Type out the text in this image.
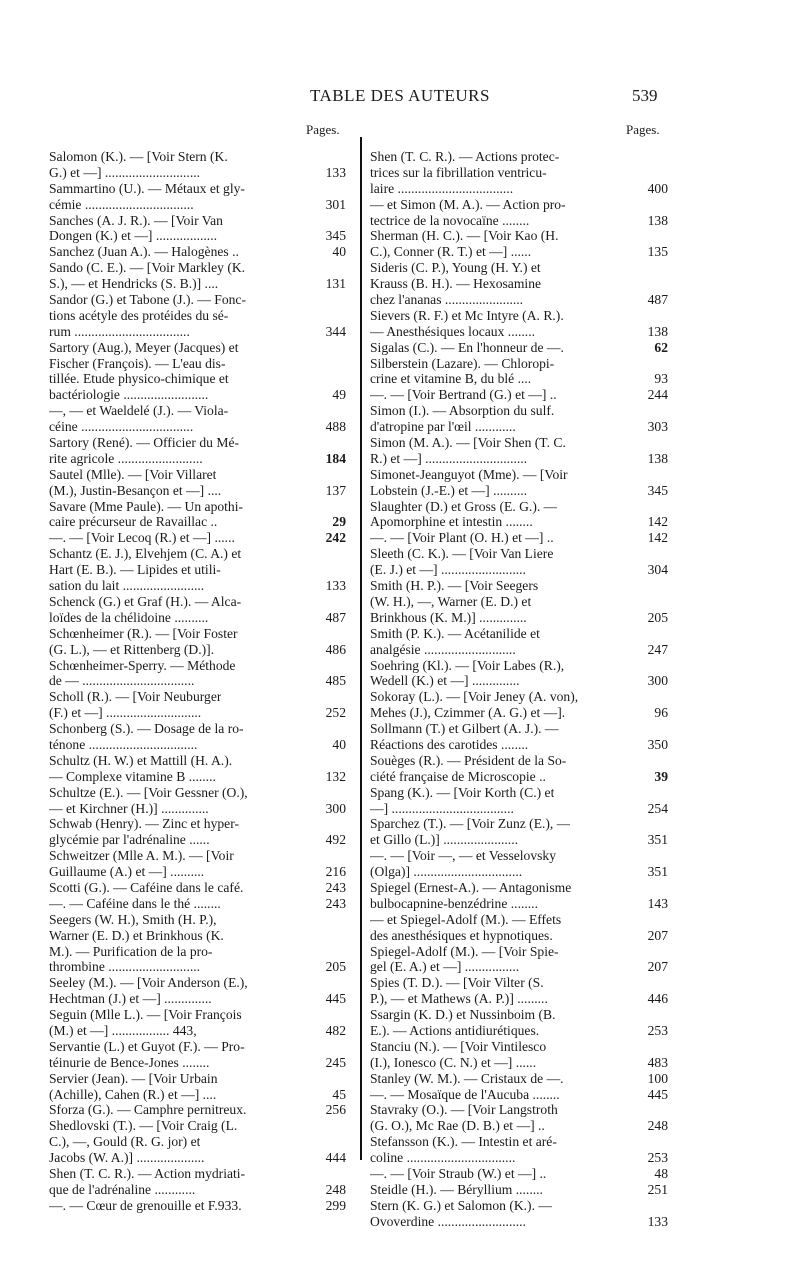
TABLE DES AUTEURS	539
Pages.	Pages.
Salomon (K.). — [Voir Stern (K.
G.) et —] ............................	133
Sammartino (U.). — Métaux et gly-
cémie ................................	301
Sanches (A. J. R.). — [Voir Van
Dongen (K.) et —] ..................	345
Sanchez (Juan A.). — Halogènes ..	40
Sando (C. E.). — [Voir Markley (K.
S.), — et Hendricks (S. B.)] ....	131
Sandor (G.) et Tabone (J.). — Fonc-
tions acétyle des protéides du sé-
rum ..................................	344
Sartory (Aug.), Meyer (Jacques) et
Fischer (François). — L'eau dis-
tillée. Etude physico-chimique et
bactériologie .........................	49
—, — et Waeldelé (J.). — Viola-
céine .................................	488
Sartory (René). — Officier du Mé-
rite agricole .........................	184
Sautel (Mlle). — [Voir Villaret
(M.), Justin-Besançon et —] ....	137
Savare (Mme Paule). — Un apothi-
caire précurseur de Ravaillac ..	29
—. — [Voir Lecoq (R.) et —] ......	242
Schantz (E. J.), Elvehjem (C. A.) et
Hart (E. B.). — Lipides et utili-
sation du lait ........................	133
Schenck (G.) et Graf (H.). — Alca-
loïdes de la chélidoine ..........	487
Schœnheimer (R.). — [Voir Foster
(G. L.), — et Rittenberg (D.)].	486
Schœnheimer-Sperry. — Méthode
de — .................................	485
Scholl (R.). — [Voir Neuburger
(F.) et —] ............................	252
Schonberg (S.). — Dosage de la ro-
ténone ................................	40
Schultz (H. W.) et Mattill (H. A.).
— Complexe vitamine B ........	132
Schultze (E.). — [Voir Gessner (O.),
— et Kirchner (H.)] ..............	300
Schwab (Henry). — Zinc et hyper-
glycémie par l'adrénaline ......	492
Schweitzer (Mlle A. M.). — [Voir
Guillaume (A.) et —] ..........	216
Scotti (G.). — Caféine dans le café.	243
—. — Caféine dans le thé ........	243
Seegers (W. H.), Smith (H. P.),
Warner (E. D.) et Brinkhous (K.
M.). — Purification de la pro-
thrombine ...........................	205
Seeley (M.). — [Voir Anderson (E.),
Hechtman (J.) et —] ..............	445
Seguin (Mlle L.). — [Voir François
(M.) et —] ................. 443,	482
Servantie (L.) et Guyot (F.). — Pro-
téinurie de Bence-Jones ........	245
Servier (Jean). — [Voir Urbain
(Achille), Cahen (R.) et —] ....	45
Sforza (G.). — Camphre pernitreux.	256
Shedlovski (T.). — [Voir Craig (L.
C.), —, Gould (R. G. jor) et
Jacobs (W. A.)] ....................	444
Shen (T. C. R.). — Action mydriati-
que de l'adrénaline ............	248
—. — Cœur de grenouille et F.933.	299
Shen (T. C. R.). — Actions protec-
trices sur la fibrillation ventricu-
laire ..................................	400
— et Simon (M. A.). — Action pro-
tectrice de la novocaïne ........	138
Sherman (H. C.). — [Voir Kao (H.
C.), Conner (R. T.) et —] ......	135
Sideris (C. P.), Young (H. Y.) et
Krauss (B. H.). — Hexosamine
chez l'ananas .......................	487
Sievers (R. F.) et Mc Intyre (A. R.).
— Anesthésiques locaux ........	138
Sigalas (C.). — En l'honneur de —.	62
Silberstein (Lazare). — Chloropi-
crine et vitamine B, du blé ....	93
—. — [Voir Bertrand (G.) et —] ..	244
Simon (I.). — Absorption du sulf.
d'atropine par l'œil ............	303
Simon (M. A.). — [Voir Shen (T. C.
R.) et —] ..............................	138
Simonet-Jeanguyot (Mme). — [Voir
Lobstein (J.-E.) et —] ..........	345
Slaughter (D.) et Gross (E. G.). —
Apomorphine et intestin ........	142
—. — [Voir Plant (O. H.) et —] ..	142
Sleeth (C. K.). — [Voir Van Liere
(E. J.) et —] .........................	304
Smith (H. P.). — [Voir Seegers
(W. H.), —, Warner (E. D.) et
Brinkhous (K. M.)] ..............	205
Smith (P. K.). — Acétanilide et
analgésie ...........................	247
Soehring (Kl.). — [Voir Labes (R.),
Wedell (K.) et —] ..............	300
Sokoray (L.). — [Voir Jeney (A. von),
Mehes (J.), Czimmer (A. G.) et —].	96
Sollmann (T.) et Gilbert (A. J.). —
Réactions des carotides ........	350
Souèges (R.). — Président de la So-
ciété française de Microscopie ..	39
Spang (K.). — [Voir Korth (C.) et
—] ....................................	254
Sparchez (T.). — [Voir Zunz (E.), —
et Gillo (L.)] ......................	351
—. — [Voir —, — et Vesselovsky
(Olga)] ................................	351
Spiegel (Ernest-A.). — Antagonisme
bulbocapnine-benzédrine ........	143
— et Spiegel-Adolf (M.). — Effets
des anesthésiques et hypnotiques.	207
Spiegel-Adolf (M.). — [Voir Spie-
gel (E. A.) et —] ................	207
Spies (T. D.). — [Voir Vilter (S.
P.), — et Mathews (A. P.)] .........	446
Ssargin (K. D.) et Nussinboim (B.
E.). — Actions antidiurétiques.	253
Stanciu (N.). — [Voir Vintilesco
(I.), Ionesco (C. N.) et —] ......	483
Stanley (W. M.). — Cristaux de —.	100
—. — Mosaïque de l'Aucuba ........	445
Stavraky (O.). — [Voir Langstroth
(G. O.), Mc Rae (D. B.) et —] ..	248
Stefansson (K.). — Intestin et aré-
coline ................................	253
—. — [Voir Straub (W.) et —] ..	48
Steidle (H.). — Béryllium ........	251
Stern (K. G.) et Salomon (K.). —
Ovoverdine ..........................	133
